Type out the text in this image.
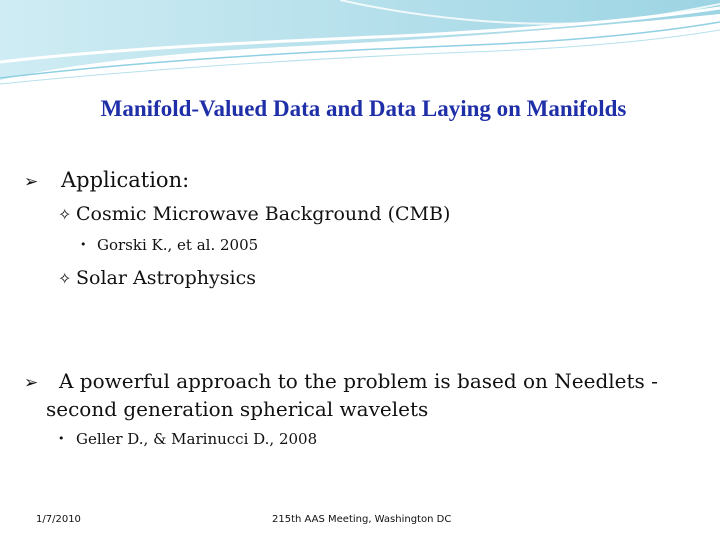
Manifold-Valued Data and Data Laying on Manifolds
➢ Application:
✧ Cosmic Microwave Background (CMB)
• Gorski K., et al. 2005
✧ Solar Astrophysics
➢ A powerful approach to the problem is based on Needlets -
second generation spherical wavelets
• Geller D., & Marinucci D., 2008
1/7/2010	215th AAS Meeting, Washington DC
